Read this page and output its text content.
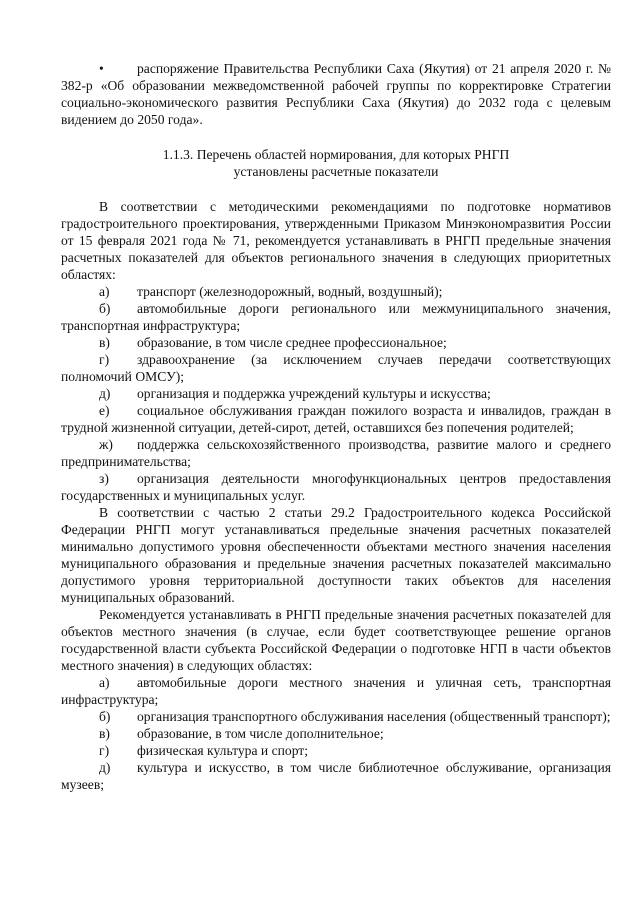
• распоряжение Правительства Республики Саха (Якутия) от 21 апреля 2020 г. № 382-р «Об образовании межведомственной рабочей группы по корректировке Стратегии социально-экономического развития Республики Саха (Якутия) до 2032 года с целевым видением до 2050 года».

1.1.3. Перечень областей нормирования, для которых РНГП
установлены расчетные показатели

В соответствии с методическими рекомендациями по подготовке нормативов градостроительного проектирования, утвержденными Приказом Минэкономразвития России от 15 февраля 2021 года № 71, рекомендуется устанавливать в РНГП предельные значения расчетных показателей для объектов регионального значения в следующих приоритетных областях:

а) транспорт (железнодорожный, водный, воздушный);

б) автомобильные дороги регионального или межмуниципального значения, транспортная инфраструктура;

в) образование, в том числе среднее профессиональное;

г) здравоохранение (за исключением случаев передачи соответствующих полномочий ОМСУ);

д) организация и поддержка учреждений культуры и искусства;

е) социальное обслуживания граждан пожилого возраста и инвалидов, граждан в трудной жизненной ситуации, детей-сирот, детей, оставшихся без попечения родителей;

ж) поддержка сельскохозяйственного производства, развитие малого и среднего предпринимательства;

з) организация деятельности многофункциональных центров предоставления государственных и муниципальных услуг.

В соответствии с частью 2 статьи 29.2 Градостроительного кодекса Российской Федерации РНГП могут устанавливаться предельные значения расчетных показателей минимально допустимого уровня обеспеченности объектами местного значения населения муниципального образования и предельные значения расчетных показателей максимально допустимого уровня территориальной доступности таких объектов для населения муниципальных образований.

Рекомендуется устанавливать в РНГП предельные значения расчетных показателей для объектов местного значения (в случае, если будет соответствующее решение органов государственной власти субъекта Российской Федерации о подготовке НГП в части объектов местного значения) в следующих областях:

а) автомобильные дороги местного значения и уличная сеть, транспортная инфраструктура;

б) организация транспортного обслуживания населения (общественный транспорт);

в) образование, в том числе дополнительное;

г) физическая культура и спорт;

д) культура и искусство, в том числе библиотечное обслуживание, организация музеев;
